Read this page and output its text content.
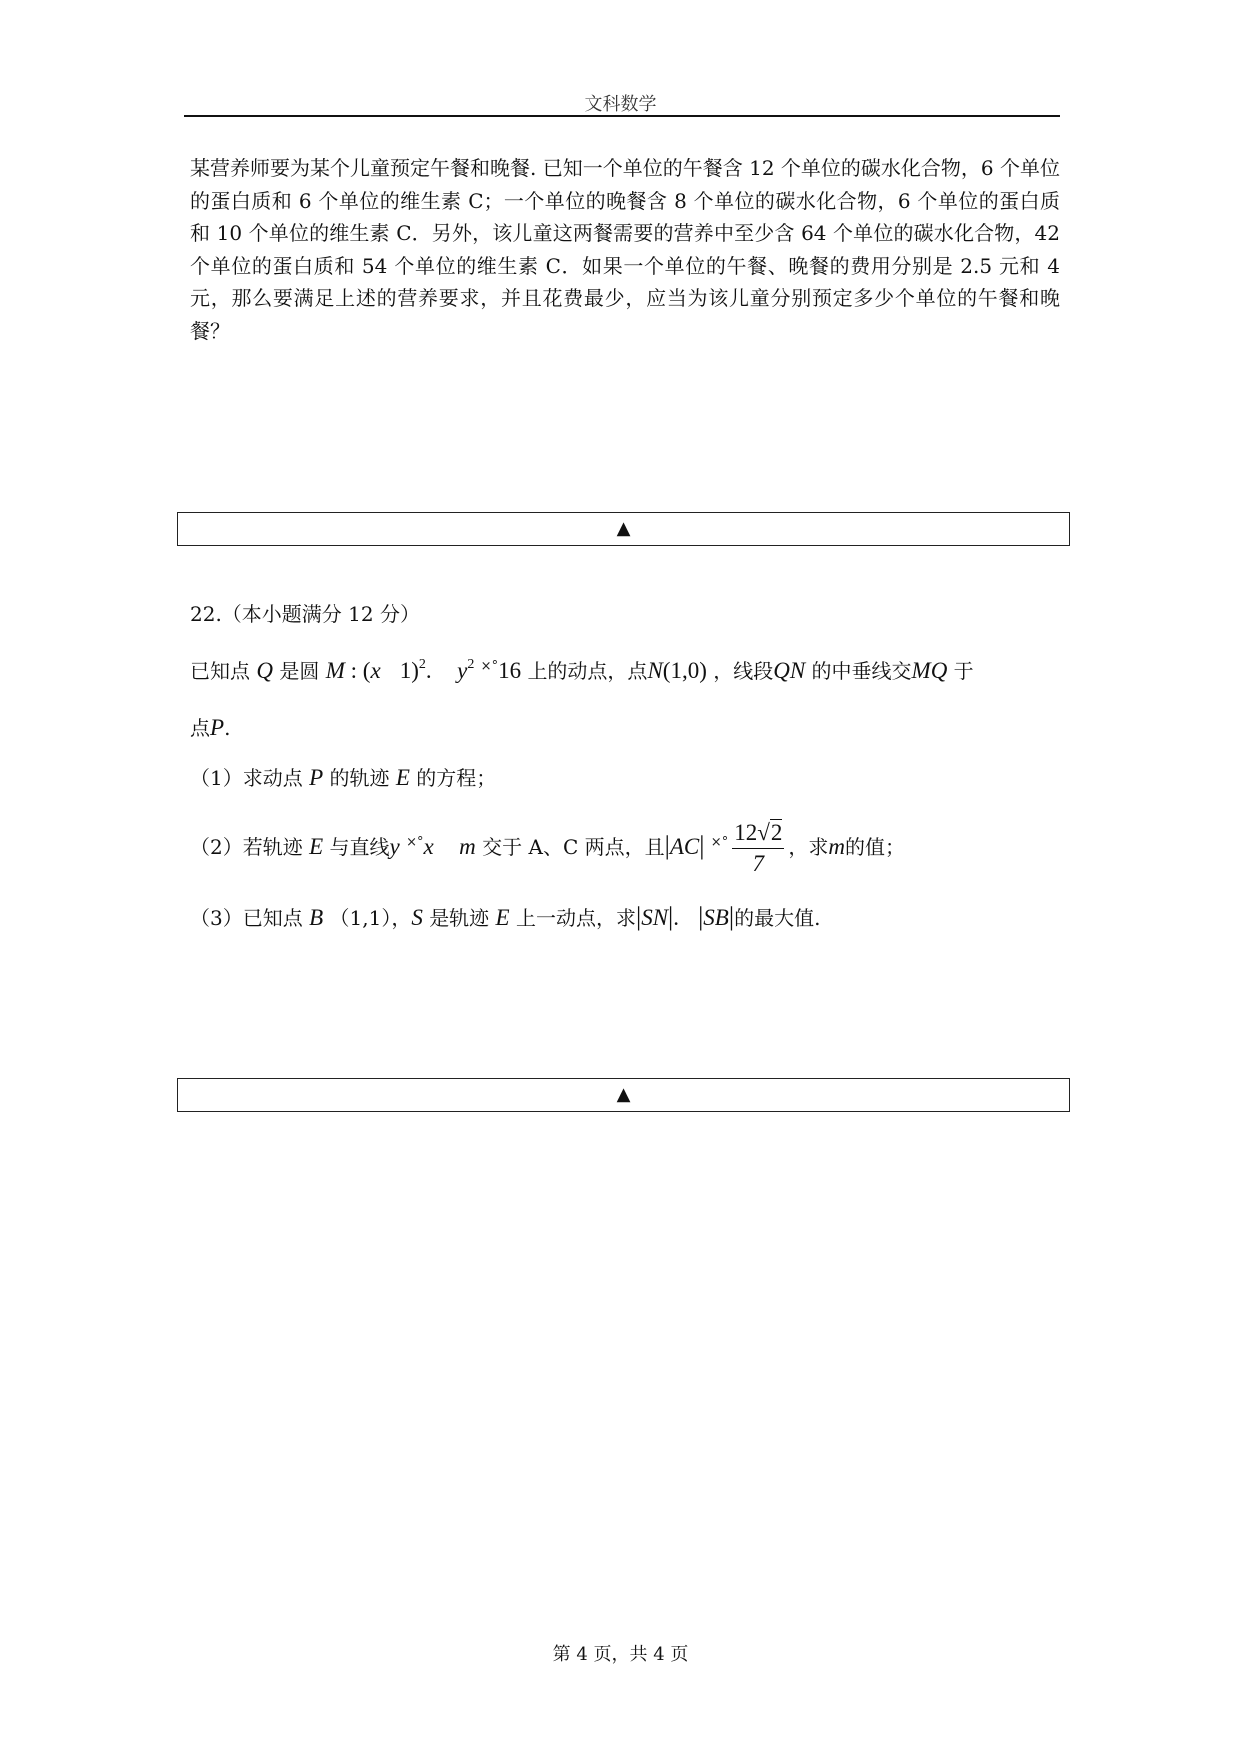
文科数学
某营养师要为某个儿童预定午餐和晚餐. 已知一个单位的午餐含 12 个单位的碳水化合物，6 个单位的蛋白质和 6 个单位的维生素 C；一个单位的晚餐含 8 个单位的碳水化合物，6 个单位的蛋白质和 10 个单位的维生素 C．另外，该儿童这两餐需要的营养中至少含 64 个单位的碳水化合物，42 个单位的蛋白质和 54 个单位的维生素 C．如果一个单位的午餐、晚餐的费用分别是 2.5 元和 4 元，那么要满足上述的营养要求，并且花费最少，应当为该儿童分别预定多少个单位的午餐和晚餐？
▲
22.（本小题满分 12 分）
已知点 Q 是圆 M : (x 1)$^2$. $y^2$ ×°16 上的动点，点N(1,0) ，线段QN 的中垂线交MQ 于
点P.
（1）求动点 P 的轨迹 E 的方程；
（2）若轨迹 E 与直线y ×°x m 交于 A、C 两点，且|AC| $^{\times^\circ} \frac{12√2}{7}$ ，求m的值；
（3）已知点 B （1,1），S 是轨迹 E 上一动点，求|SN|. |SB|的最大值.
▲
第 4 页，共 4 页
